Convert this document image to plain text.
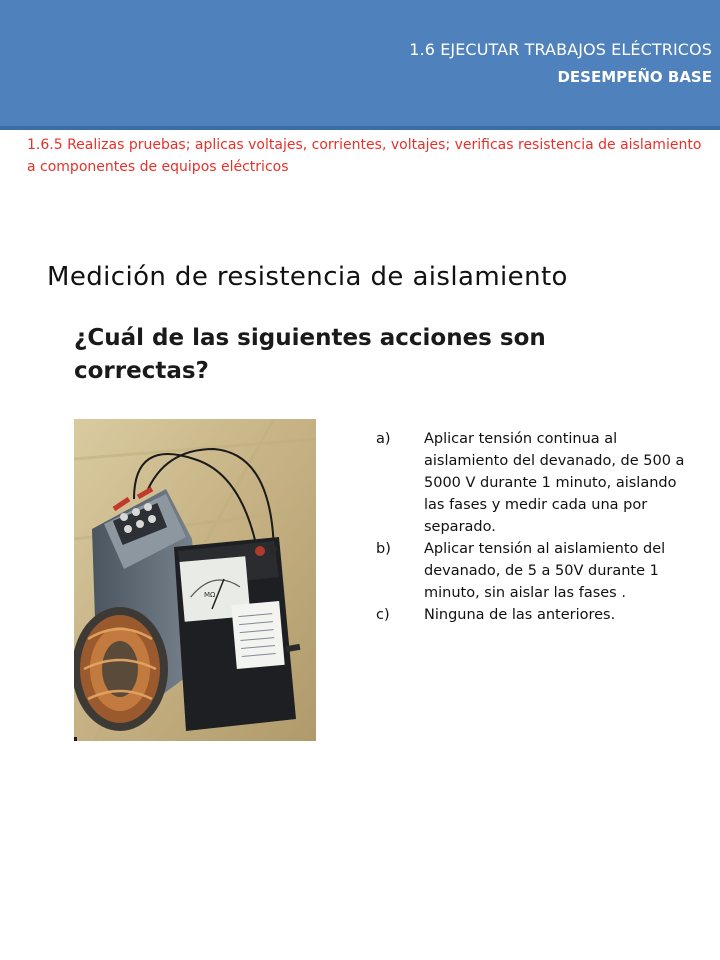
1.6 EJECUTAR TRABAJOS ELÉCTRICOS
DESEMPEÑO BASE
1.6.5 Realizas pruebas; aplicas voltajes, corrientes, voltajes; verificas resistencia de aislamiento a componentes de equipos eléctricos
Medición de resistencia de aislamiento
¿Cuál de las siguientes acciones son correctas?
MΩ
a)	Aplicar tensión continua al aislamiento del devanado, de 500 a 5000 V durante 1 minuto, aislando las fases y medir cada una por separado.
b)	Aplicar tensión al aislamiento del devanado, de 5 a 50V durante 1 minuto, sin aislar las fases .
c)	Ninguna de las anteriores.
